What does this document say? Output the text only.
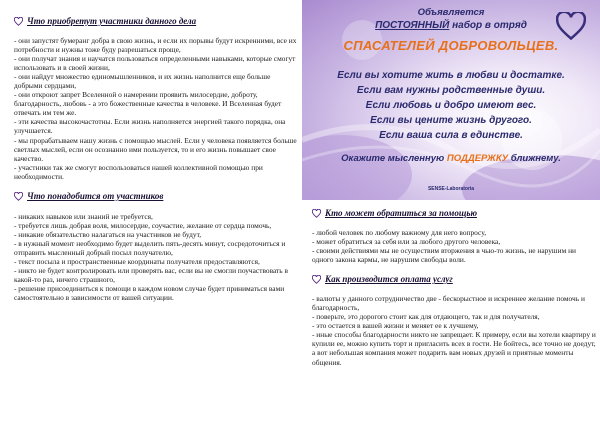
Что приобретут участники данного дела
- они запустят бумеранг добра в свою жизнь, и если их порывы будут искренними, все их потребности и нужны тоже буду разрешаться проще,
- они получат знания и научатся пользоваться определенными навыками, которые смогут использовать и в своей жизни,
- они найдут множество единомышленников, и их жизнь наполнится еще больше добрыми сердцами,
- они откроют запрет Вселенной о намерении проявить милосердие, доброту, благодарность, любовь - а это божественные качества в человеке. И Вселенная будет отвечать им тем же.
- эти качества высокочастотны. Если жизнь наполняется энергией такого порядка, она улучшается.
- мы прорабатываем нашу жизнь с помощью мыслей. Если у человека появляется больше светлых мыслей, если он осознанно ими пользуется, то и его жизнь повышает свое качество.
- участники так же смогут воспользоваться нашей коллективной помощью при необходимости.
Что понадобится от участников
- никаких навыков или знаний не требуется,
- требуется лишь добрая воля, милосердие, соучастие, желание от сердца помочь,
- никакие обязательство налагаться на участников не будут,
- в нужный момент необходимо будет выделить пять-десять минут, сосредоточиться и отправить мысленный добрый посыл получателю,
- текст посыла и пространственные координаты получателя предоставляются,
- никто не будет контролировать или проверять вас, если вы не смогли поучаствовать в какой-то раз, ничего страшного,
- решение присоединиться к помощи в каждом новом случае будет приниматься вами самостоятельно в зависимости от вашей ситуации.
Объявляется
ПОСТОЯННЫЙ набор в отряд
СПАСАТЕЛЕЙ ДОБРОВОЛЬЦЕВ.
Если вы хотите жить в любви и достатке.
Если вам нужны родственные души.
Если любовь и добро имеют вес.
Если вы цените жизнь другого.
Если ваша сила в единстве.
Окажите мысленную ПОДДЕРЖКУ ближнему.
SENSE-Laboratoria
Кто может обратиться за помощью
- любой человек по любому важному для него вопросу,
- может обратиться за себя или за любого другого человека,
- своими действиями мы не осуществим вторжения в чью-то жизнь, не нарушим ни одного закона кармы, не нарушим свободы воли.
Как производится оплата услуг
- валюты у данного сотрудничество две - бескорыстное и искреннее желание помочь и благодарность,
- поверьте, это дорогого стоит как для отдающего, так и для получателя,
- это остается в вашей жизни и меняет ее к лучшему,
- иные способы благодарности никто не запрещает. К примеру, если вы хотели квартиру и купили ее, можно купить торт и пригласить всех в гости. Не бойтесь, все точно не доедут, а вот небольшая компания может подарить вам новых друзей и приятные моменты общения.
